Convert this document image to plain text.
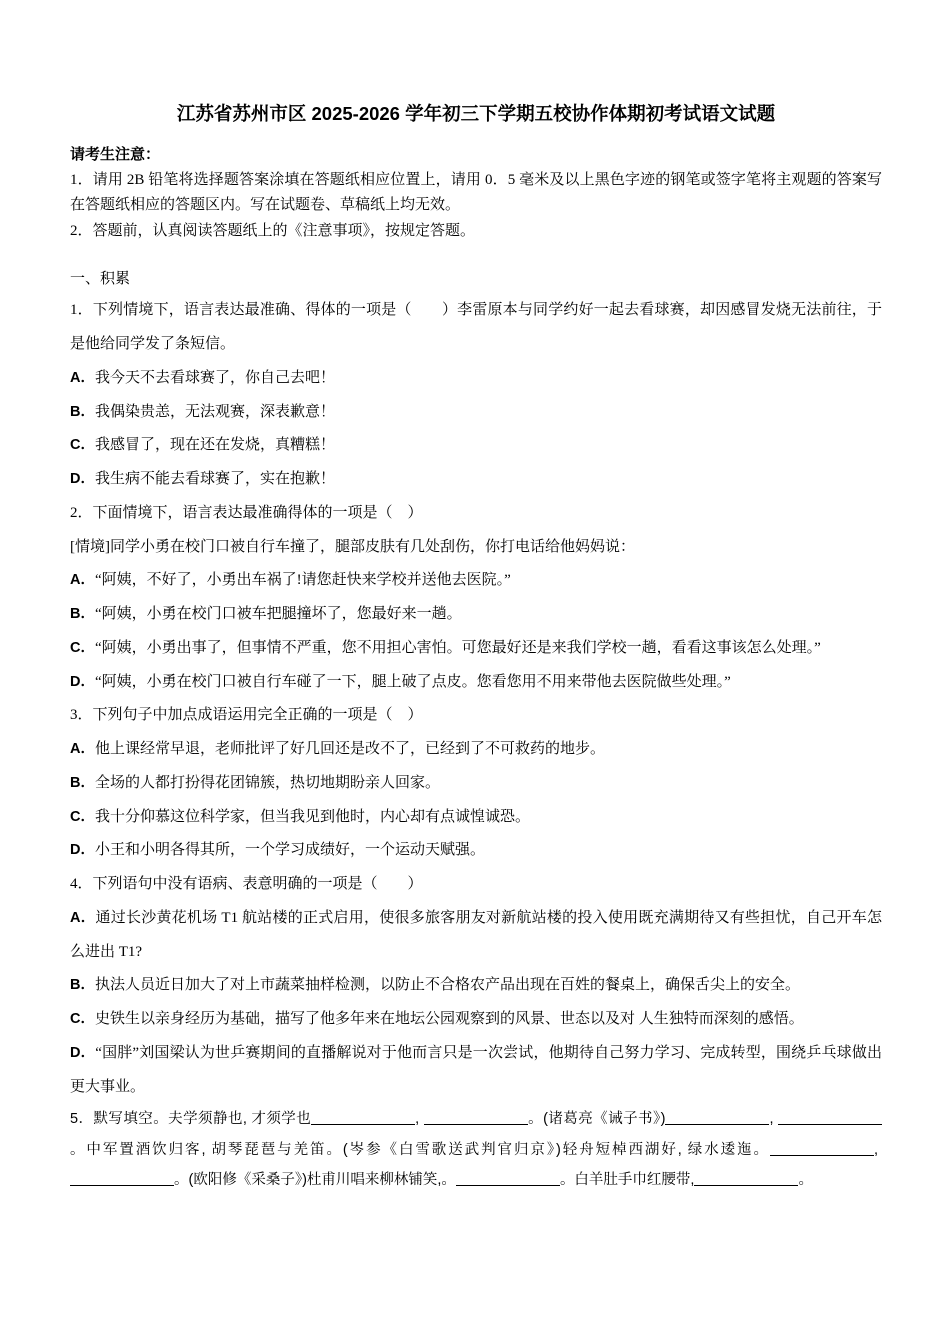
江苏省苏州市区 2025-2026 学年初三下学期五校协作体期初考试语文试题

请考生注意：

1．请用 2B 铅笔将选择题答案涂填在答题纸相应位置上，请用 0．5 毫米及以上黑色字迹的钢笔或签字笔将主观题的答案写在答题纸相应的答题区内。写在试题卷、草稿纸上均无效。

2．答题前，认真阅读答题纸上的《注意事项》，按规定答题。

一、积累

1．下列情境下，语言表达最准确、得体的一项是（　　）李雷原本与同学约好一起去看球赛，却因感冒发烧无法前往，于是他给同学发了条短信。

A．我今天不去看球赛了，你自己去吧！

B．我偶染贵恙，无法观赛，深表歉意！

C．我感冒了，现在还在发烧，真糟糕！

D．我生病不能去看球赛了，实在抱歉！

2．下面情境下，语言表达最准确得体的一项是（　）

[情境]同学小勇在校门口被自行车撞了，腿部皮肤有几处刮伤，你打电话给他妈妈说：

A．“阿姨，不好了，小勇出车祸了!请您赶快来学校并送他去医院。”

B．“阿姨，小勇在校门口被车把腿撞坏了，您最好来一趟。

C．“阿姨，小勇出事了，但事情不严重，您不用担心害怕。可您最好还是来我们学校一趟，看看这事该怎么处理。”

D．“阿姨，小勇在校门口被自行车碰了一下，腿上破了点皮。您看您用不用来带他去医院做些处理。”

3．下列句子中加点成语运用完全正确的一项是（　）

A．他上课经常早退，老师批评了好几回还是改不了，已经到了不可救药的地步。

B．全场的人都打扮得花团锦簇，热切地期盼亲人回家。

C．我十分仰慕这位科学家，但当我见到他时，内心却有点诚惶诚恐。

D．小王和小明各得其所，一个学习成绩好，一个运动天赋强。

4．下列语句中没有语病、表意明确的一项是（　　）

A．通过长沙黄花机场 T1 航站楼的正式启用，使很多旅客朋友对新航站楼的投入使用既充满期待又有些担忧，自己开车怎么进出 T1?

B．执法人员近日加大了对上市蔬菜抽样检测，以防止不合格农产品出现在百姓的餐桌上，确保舌尖上的安全。

C．史铁生以亲身经历为基础，描写了他多年来在地坛公园观察到的风景、世态以及对 人生独特而深刻的感悟。

D．“国胖”刘国梁认为世乒赛期间的直播解说对于他而言只是一次尝试，他期待自己努力学习、完成转型，围绕乒乓球做出更大事业。

5．默写填空。夫学须静也, 才须学也	,	。(诸葛亮《诫子书》)	, 。中军置酒饮归客, 胡琴琵琶与羌笛。(岑参《白雪歌送武判官归京》)轻舟短棹西湖好, 绿水逶迤。	, 。(欧阳修《采桑子》)杜甫川唱来柳林铺笑,。	。白羊肚手巾红腰带,	。
